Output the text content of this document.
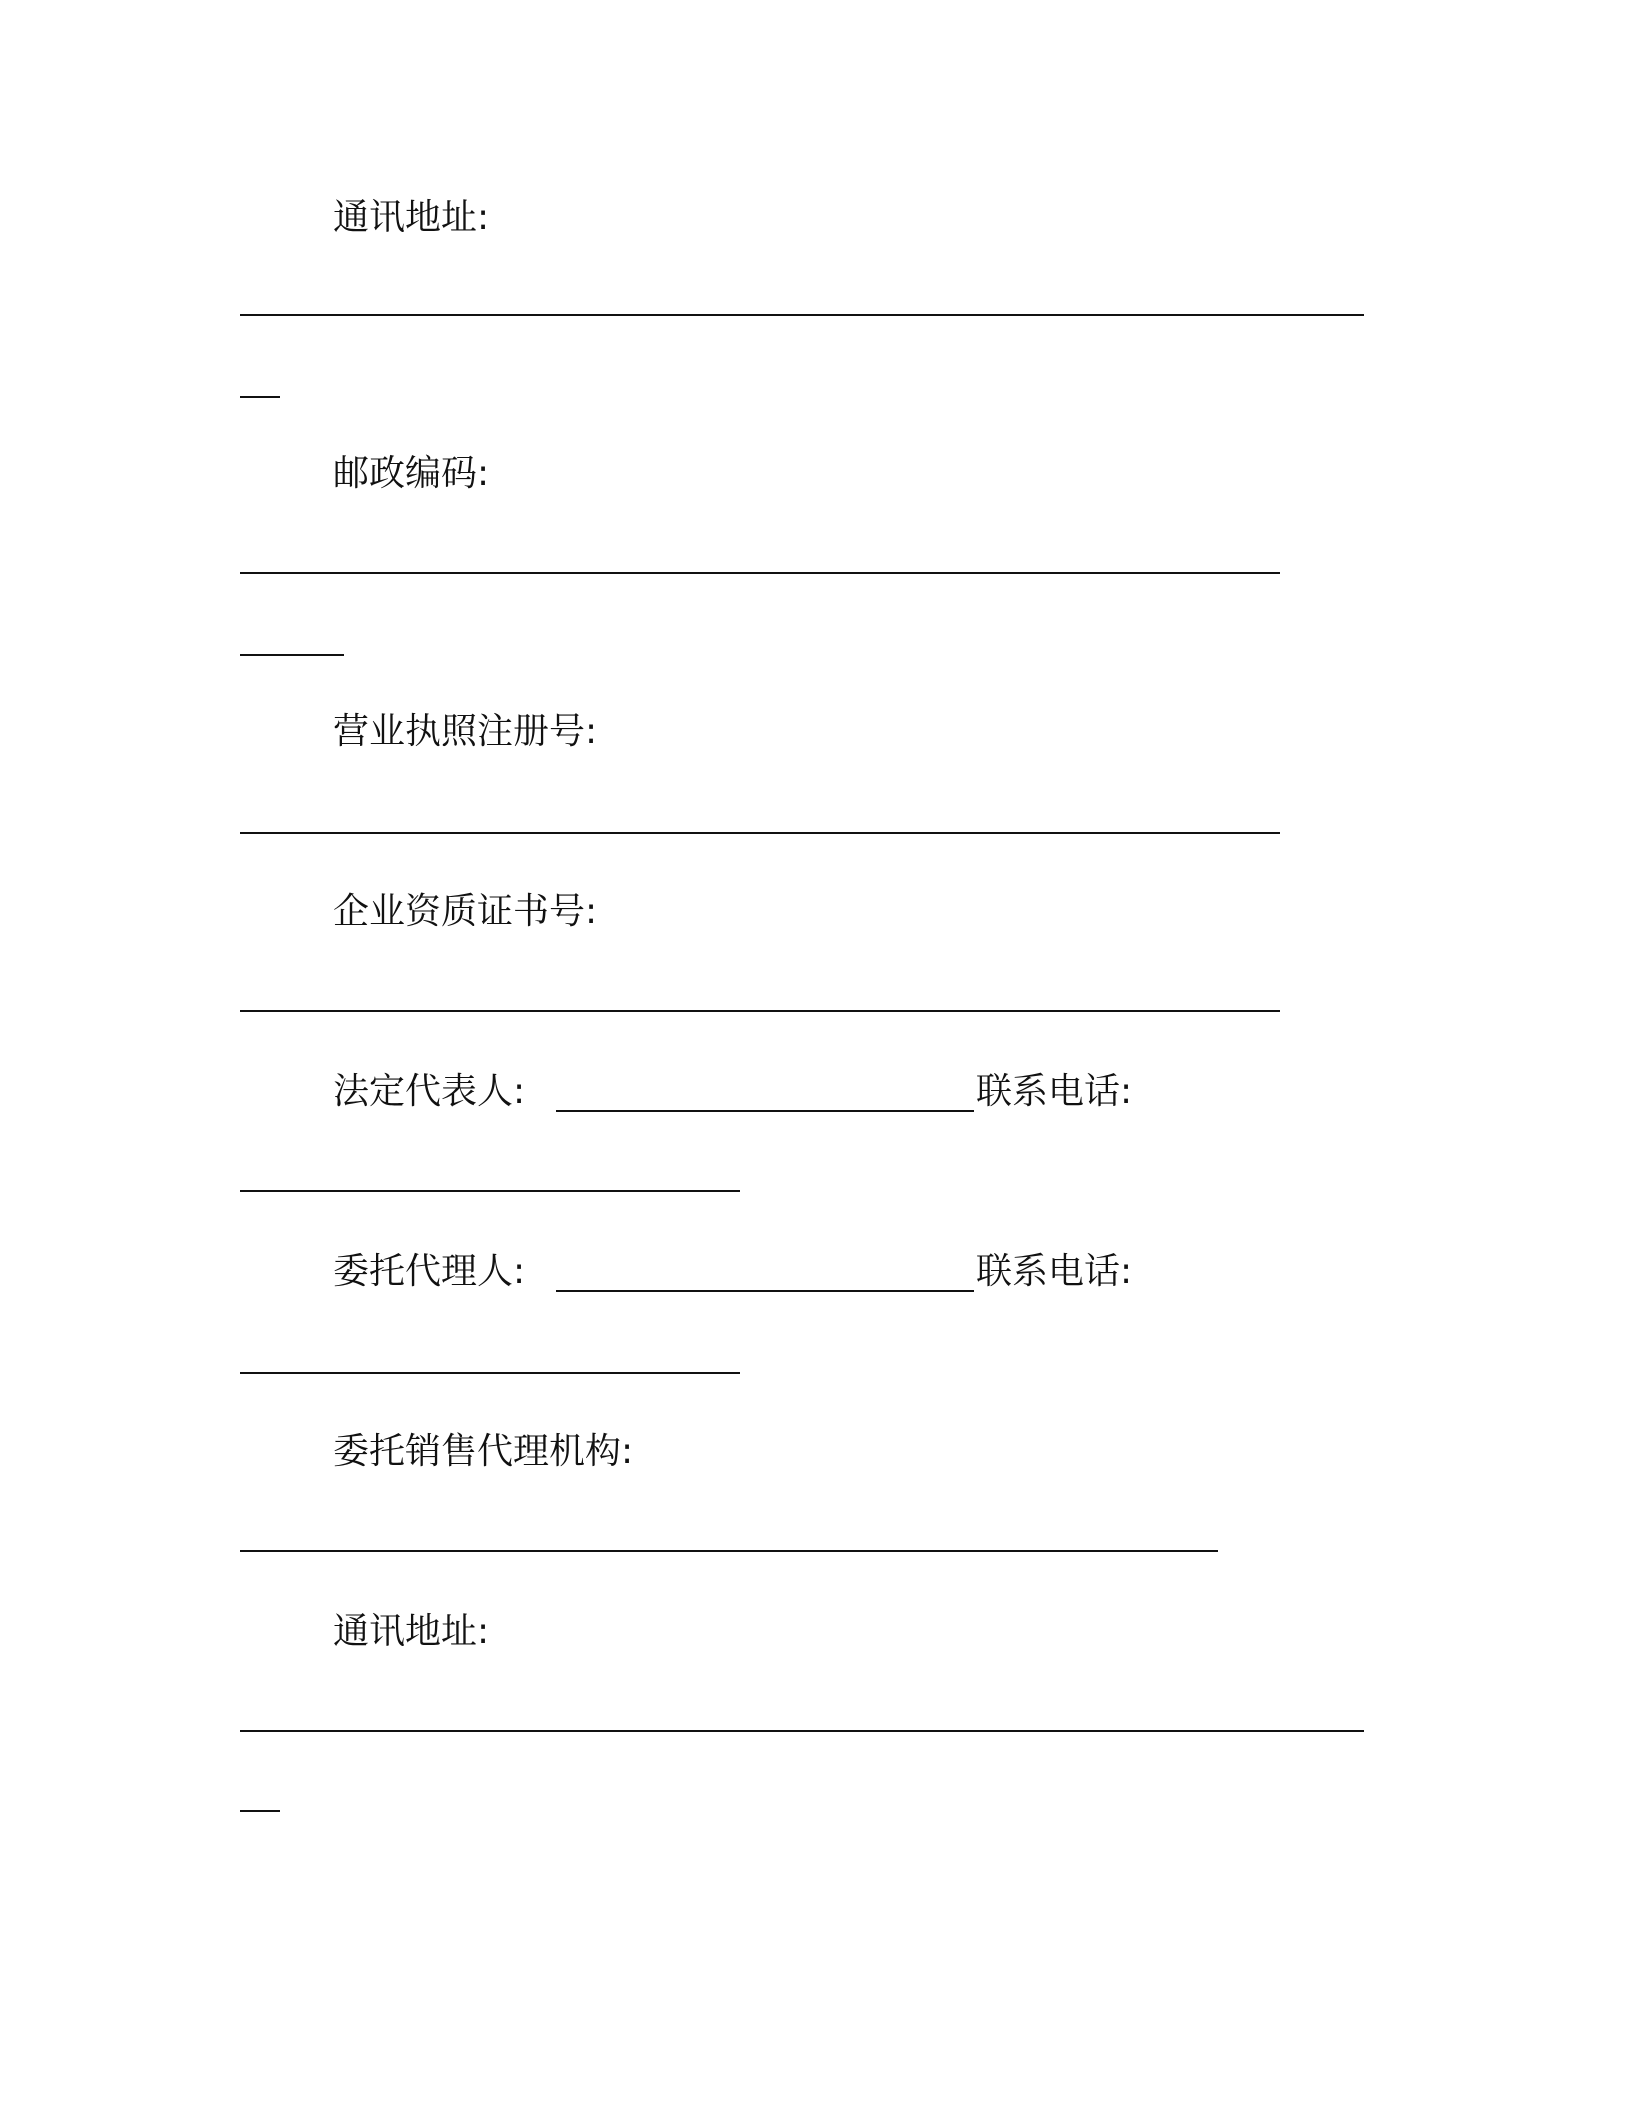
通讯地址:
邮政编码:
营业执照注册号:
企业资质证书号:
法定代表人:	联系电话:
委托代理人:	联系电话:
委托销售代理机构:
通讯地址:
